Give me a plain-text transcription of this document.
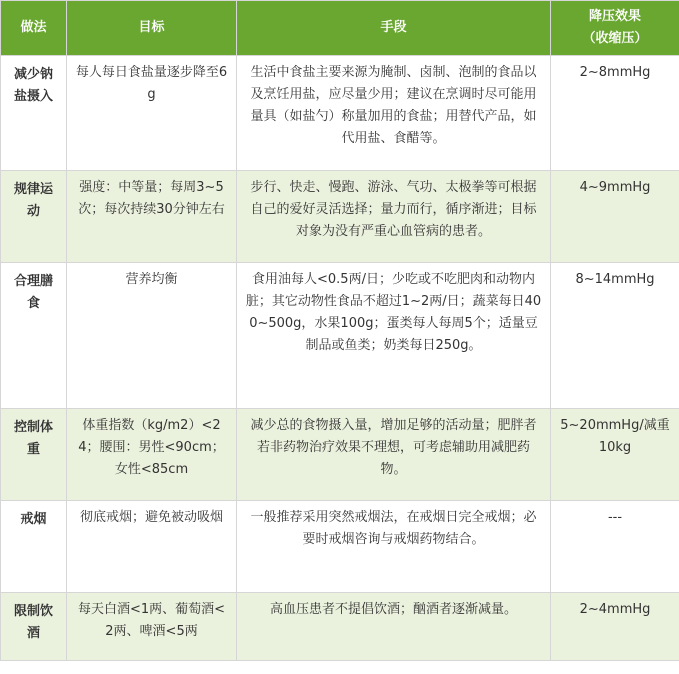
做法	目标	手段	降压效果
（收缩压）

减少钠盐摄入	每人每日食盐量逐步降至6g	生活中食盐主要来源为腌制、卤制、泡制的食品以及烹饪用盐，应尽量少用；建议在烹调时尽可能用量具（如盐勺）称量加用的食盐；用替代产品，如代用盐、食醋等。	2~8mmHg
规律运动	强度：中等量；每周3~5次；每次持续30分钟左右	步行、快走、慢跑、游泳、气功、太极拳等可根据自己的爱好灵活选择；量力而行，循序渐进；目标对象为没有严重心血管病的患者。	4~9mmHg
合理膳食	营养均衡	食用油每人<0.5两/日；少吃或不吃肥肉和动物内脏；其它动物性食品不超过1~2两/日；蔬菜每日400~500g，水果100g；蛋类每人每周5个；适量豆制品或鱼类；奶类每日250g。	8~14mmHg
控制体重	体重指数（kg/m2）<24；腰围：男性<90cm；女性<85cm	减少总的食物摄入量，增加足够的活动量；肥胖者若非药物治疗效果不理想，可考虑辅助用减肥药物。	5~20mmHg/减重10kg
戒烟	彻底戒烟；避免被动吸烟	一般推荐采用突然戒烟法，在戒烟日完全戒烟；必要时戒烟咨询与戒烟药物结合。	---
限制饮酒	每天白酒<1两、葡萄酒<2两、啤酒<5两	高血压患者不提倡饮酒；酗酒者逐渐减量。	2~4mmHg
